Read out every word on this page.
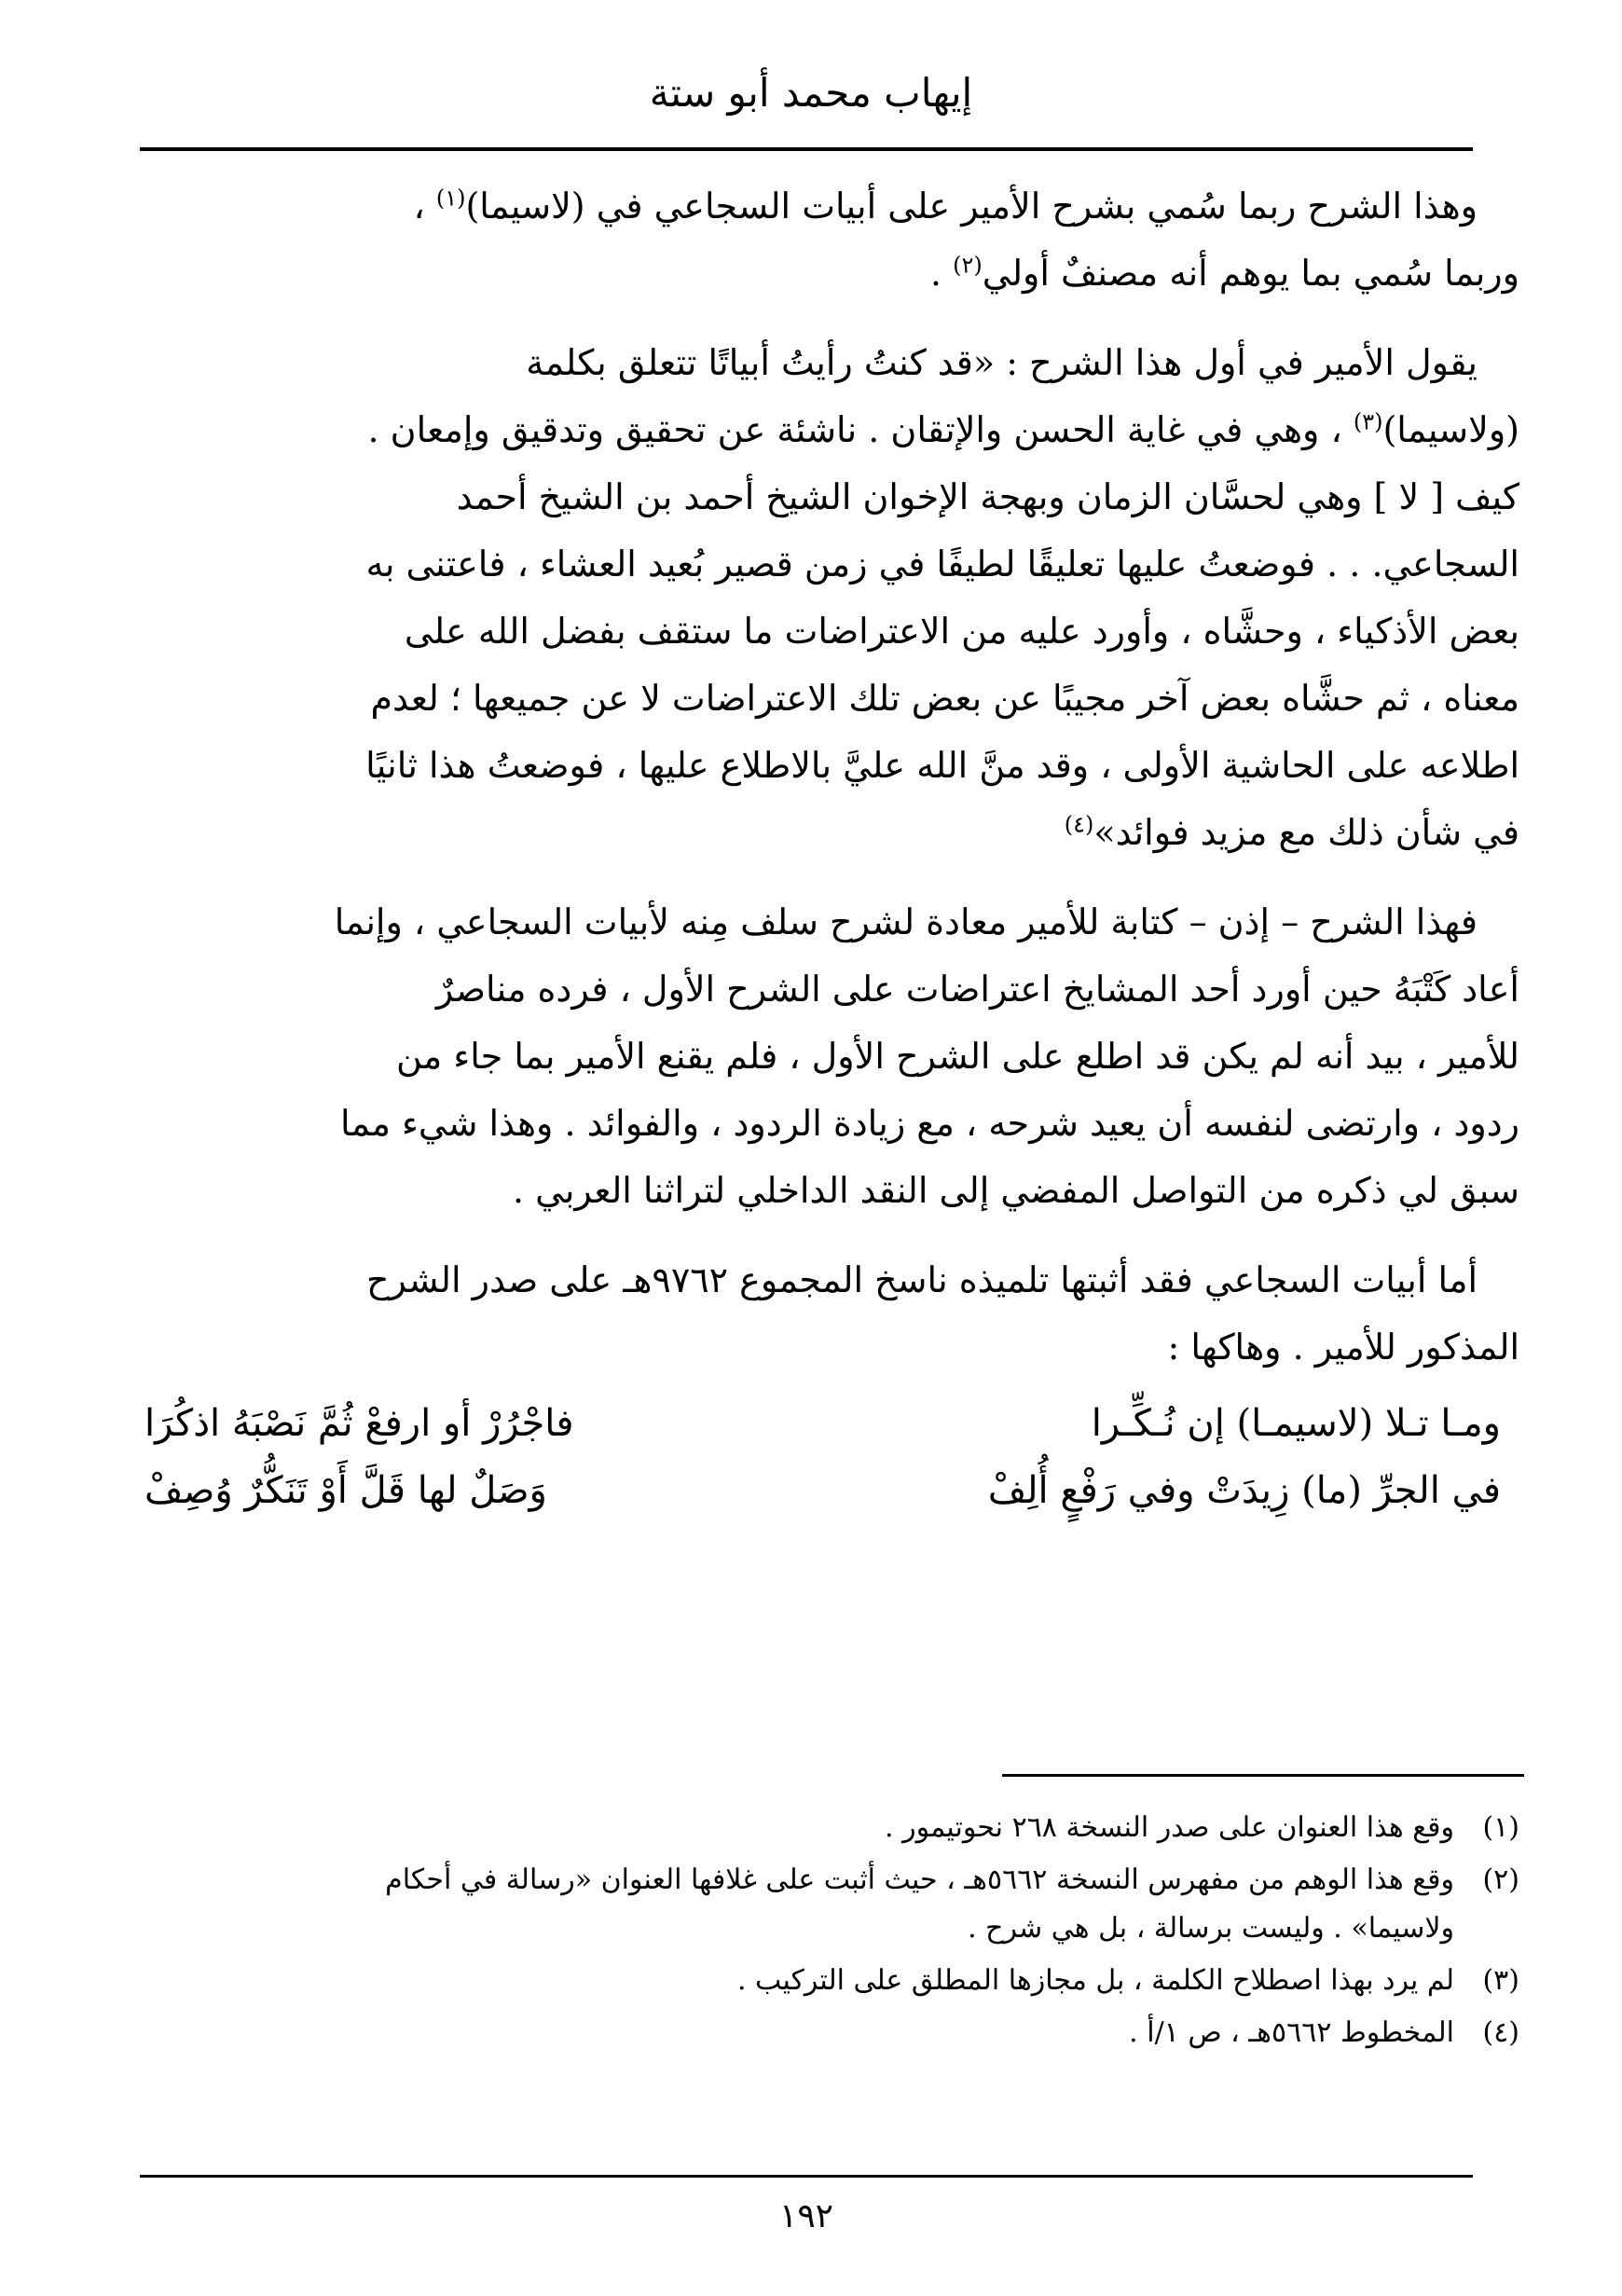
إيهاب محمد أبو ستة

وهذا الشرح ربما سُمي بشرح الأمير على أبيات السجاعي في (لاسيما)$^{(١)}$ ،
وربما سُمي بما يوهم أنه مصنفٌ أولي$^{(٢)}$ .

يقول الأمير في أول هذا الشرح : «قد كنتُ رأيتُ أبياتًا تتعلق بكلمة
(ولاسيما)$^{(٣)}$ ، وهي في غاية الحسن والإتقان . ناشئة عن تحقيق وتدقيق وإمعان .
كيف [ لا ] وهي لحسَّان الزمان وبهجة الإخوان الشيخ أحمد بن الشيخ أحمد
السجاعي. . . فوضعتُ عليها تعليقًا لطيفًا في زمن قصير بُعيد العشاء ، فاعتنى به
بعض الأذكياء ، وحشَّاه ، وأورد عليه من الاعتراضات ما ستقف بفضل الله على
معناه ، ثم حشَّاه بعض آخر مجيبًا عن بعض تلك الاعتراضات لا عن جميعها ؛ لعدم
اطلاعه على الحاشية الأولى ، وقد منَّ الله عليَّ بالاطلاع عليها ، فوضعتُ هذا ثانيًا
في شأن ذلك مع مزيد فوائد»$^{(٤)}$

فهذا الشرح – إذن – كتابة للأمير معادة لشرح سلف مِنه لأبيات السجاعي ، وإنما
أعاد كَتْبَهُ حين أورد أحد المشايخ اعتراضات على الشرح الأول ، فرده مناصرٌ
للأمير ، بيد أنه لم يكن قد اطلع على الشرح الأول ، فلم يقنع الأمير بما جاء من
ردود ، وارتضى لنفسه أن يعيد شرحه ، مع زيادة الردود ، والفوائد . وهذا شيء مما
سبق لي ذكره من التواصل المفضي إلى النقد الداخلي لتراثنا العربي .

أما أبيات السجاعي فقد أثبتها تلميذه ناسخ المجموع ٩٧٦٢هـ على صدر الشرح
المذكور للأمير . وهاكها :

ومـا تـلا (لاسيمـا) إن نُـكِّـرا
فاجْرُرْ أو ارفعْ ثُمَّ نَصْبَهُ اذكُرَا
في الجرِّ (ما) زِيدَتْ وفي رَفْعٍ أُلِفْ
وَصَلٌ لها قَلَّ أَوْ تَنَكُّرٌ وُصِفْ
(١)
وقع هذا العنوان على صدر النسخة ٢٦٨ نحوتيمور .
(٢)
وقع هذا الوهم من مفهرس النسخة ٥٦٦٢هـ ، حيث أثبت على غلافها العنوان «رسالة في أحكام
ولاسيما» . وليست برسالة ، بل هي شرح .
(٣)
لم يرد بهذا اصطلاح الكلمة ، بل مجازها المطلق على التركيب .
(٤)
المخطوط ٥٦٦٢هـ ، ص ١/أ .
١٩٢
